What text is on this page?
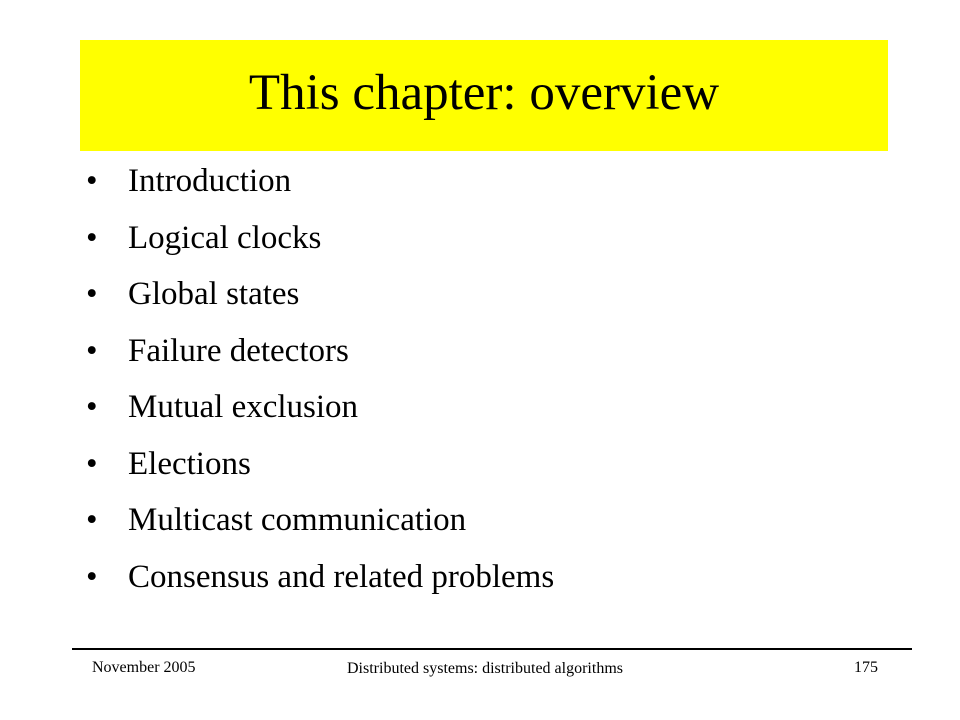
This chapter: overview
• Introduction
• Logical clocks
• Global states
• Failure detectors
• Mutual exclusion
• Elections
• Multicast communication
• Consensus and related problems
November 2005	Distributed systems: distributed algorithms	175
